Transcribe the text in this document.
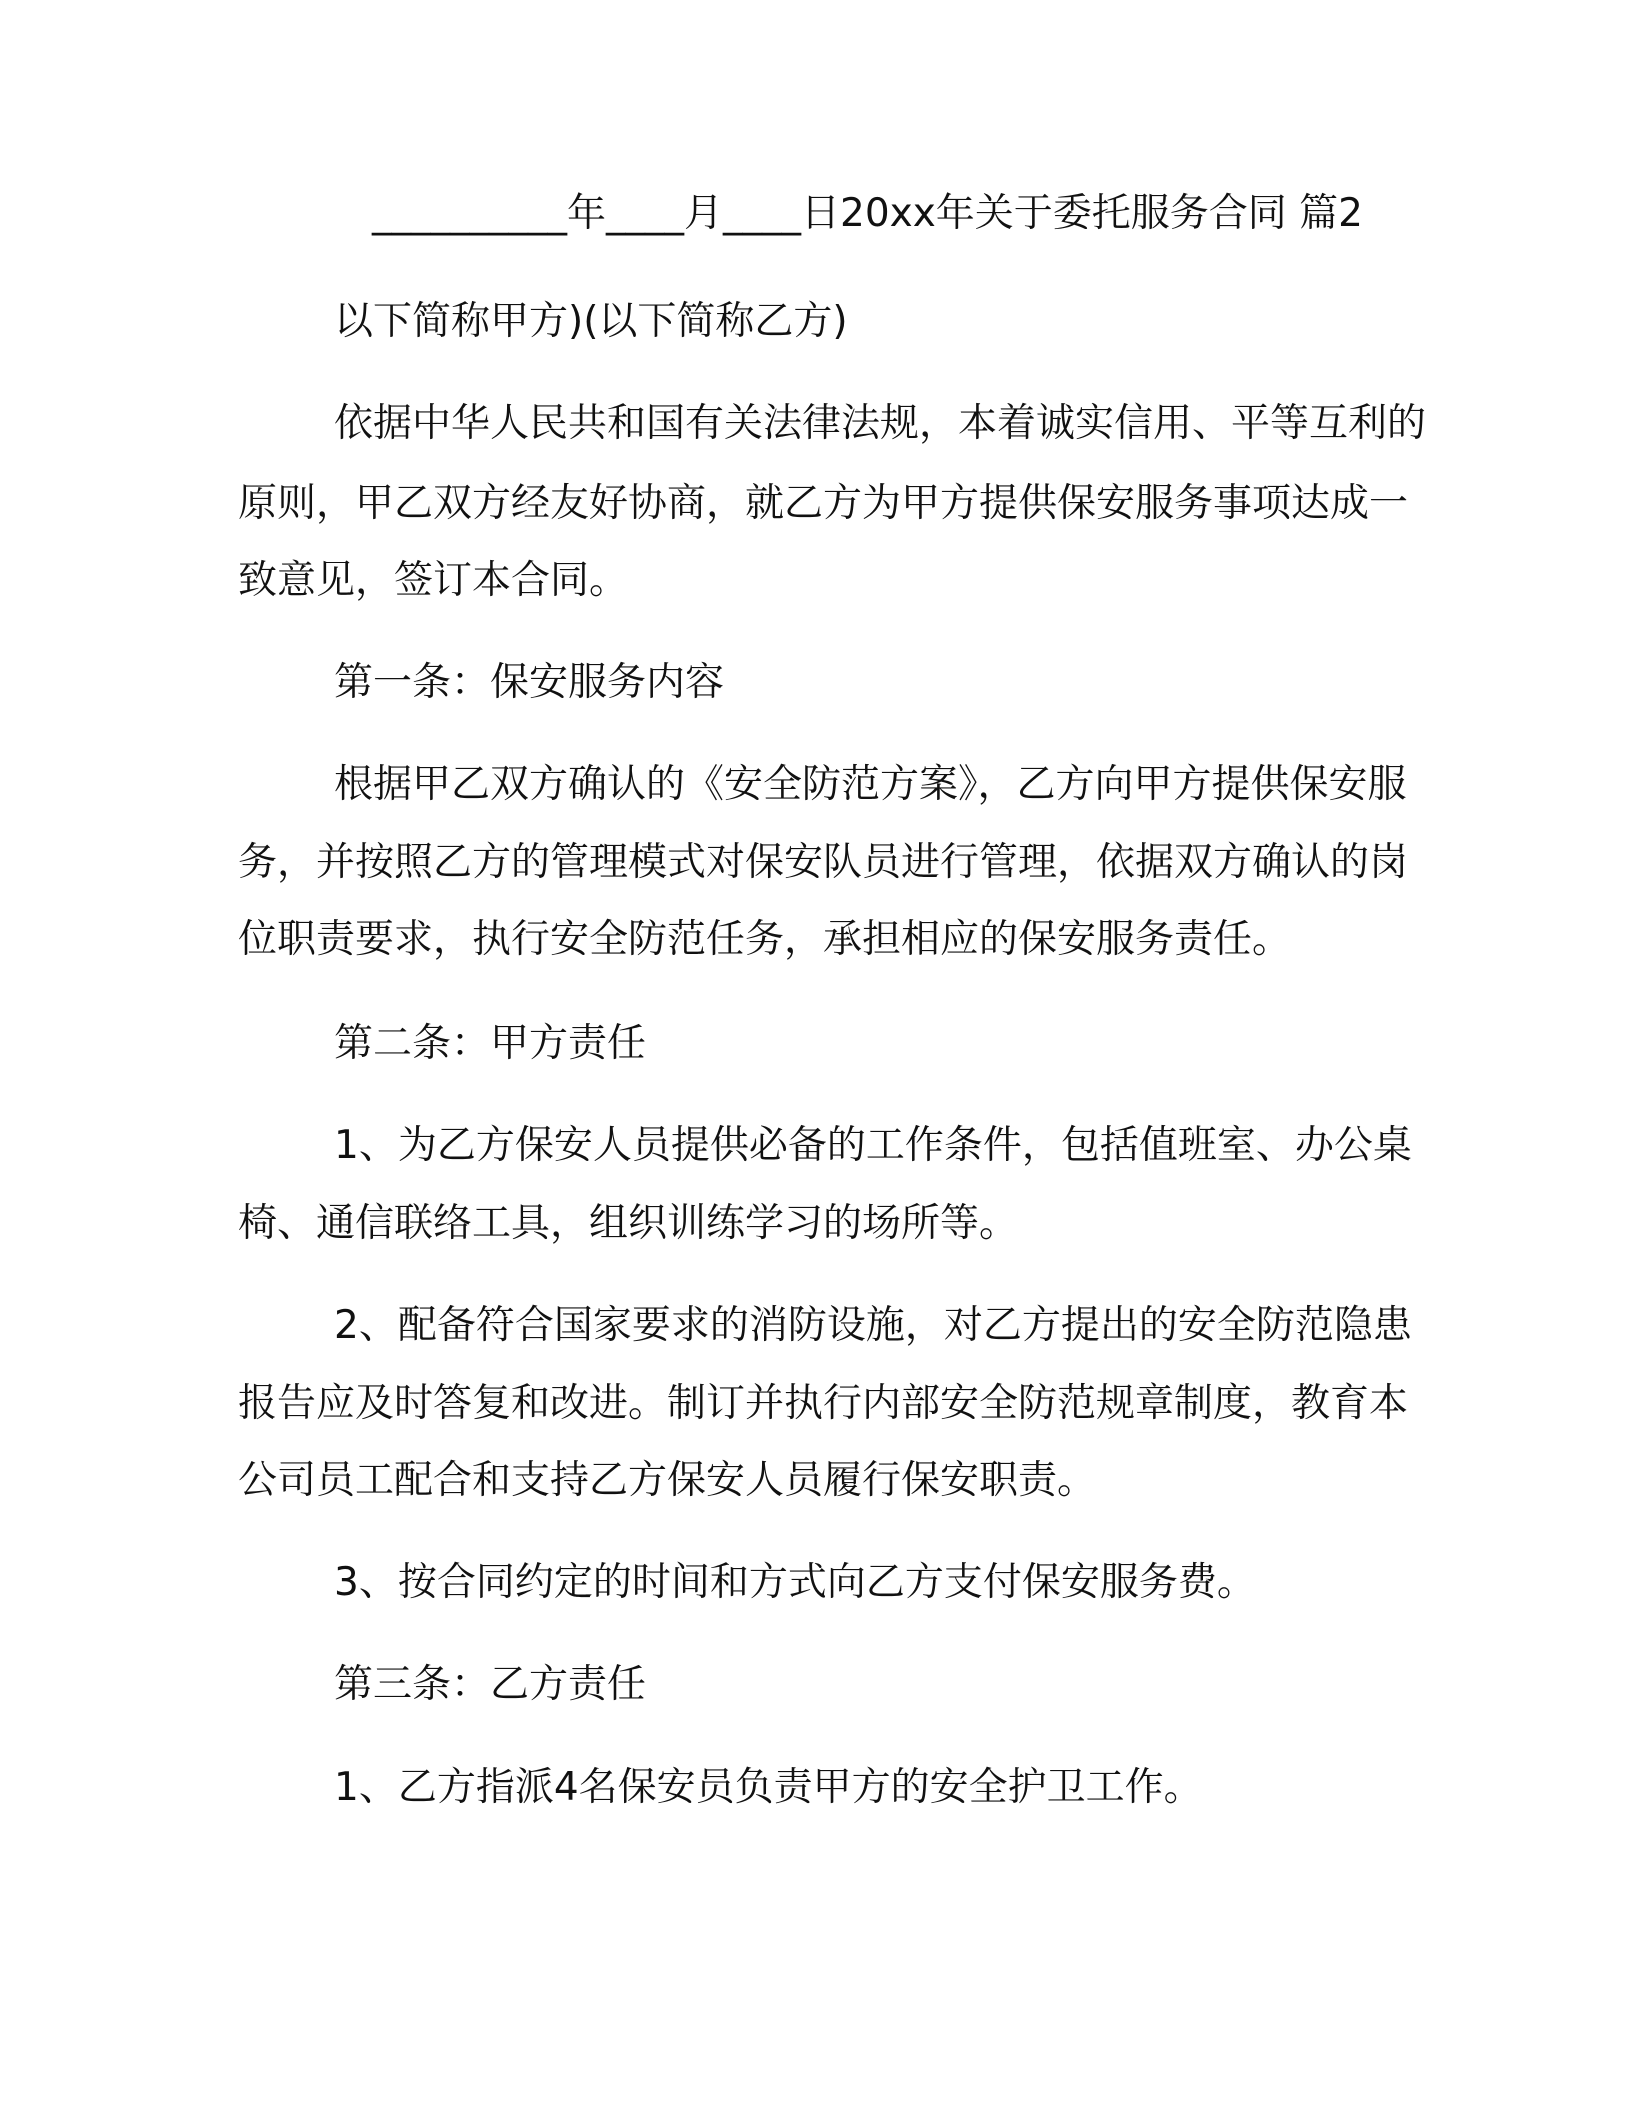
__________年____月____日20xx年关于委托服务合同 篇2
以下简称甲方)(以下简称乙方)
依据中华人民共和国有关法律法规，本着诚实信用、平等互利的
原则，甲乙双方经友好协商，就乙方为甲方提供保安服务事项达成一
致意见，签订本合同。
第一条：保安服务内容
根据甲乙双方确认的《安全防范方案》，乙方向甲方提供保安服
务，并按照乙方的管理模式对保安队员进行管理，依据双方确认的岗
位职责要求，执行安全防范任务，承担相应的保安服务责任。
第二条：甲方责任
1、为乙方保安人员提供必备的工作条件，包括值班室、办公桌
椅、通信联络工具，组织训练学习的场所等。
2、配备符合国家要求的消防设施，对乙方提出的安全防范隐患
报告应及时答复和改进。制订并执行内部安全防范规章制度，教育本
公司员工配合和支持乙方保安人员履行保安职责。
3、按合同约定的时间和方式向乙方支付保安服务费。
第三条：乙方责任
1、乙方指派4名保安员负责甲方的安全护卫工作。
